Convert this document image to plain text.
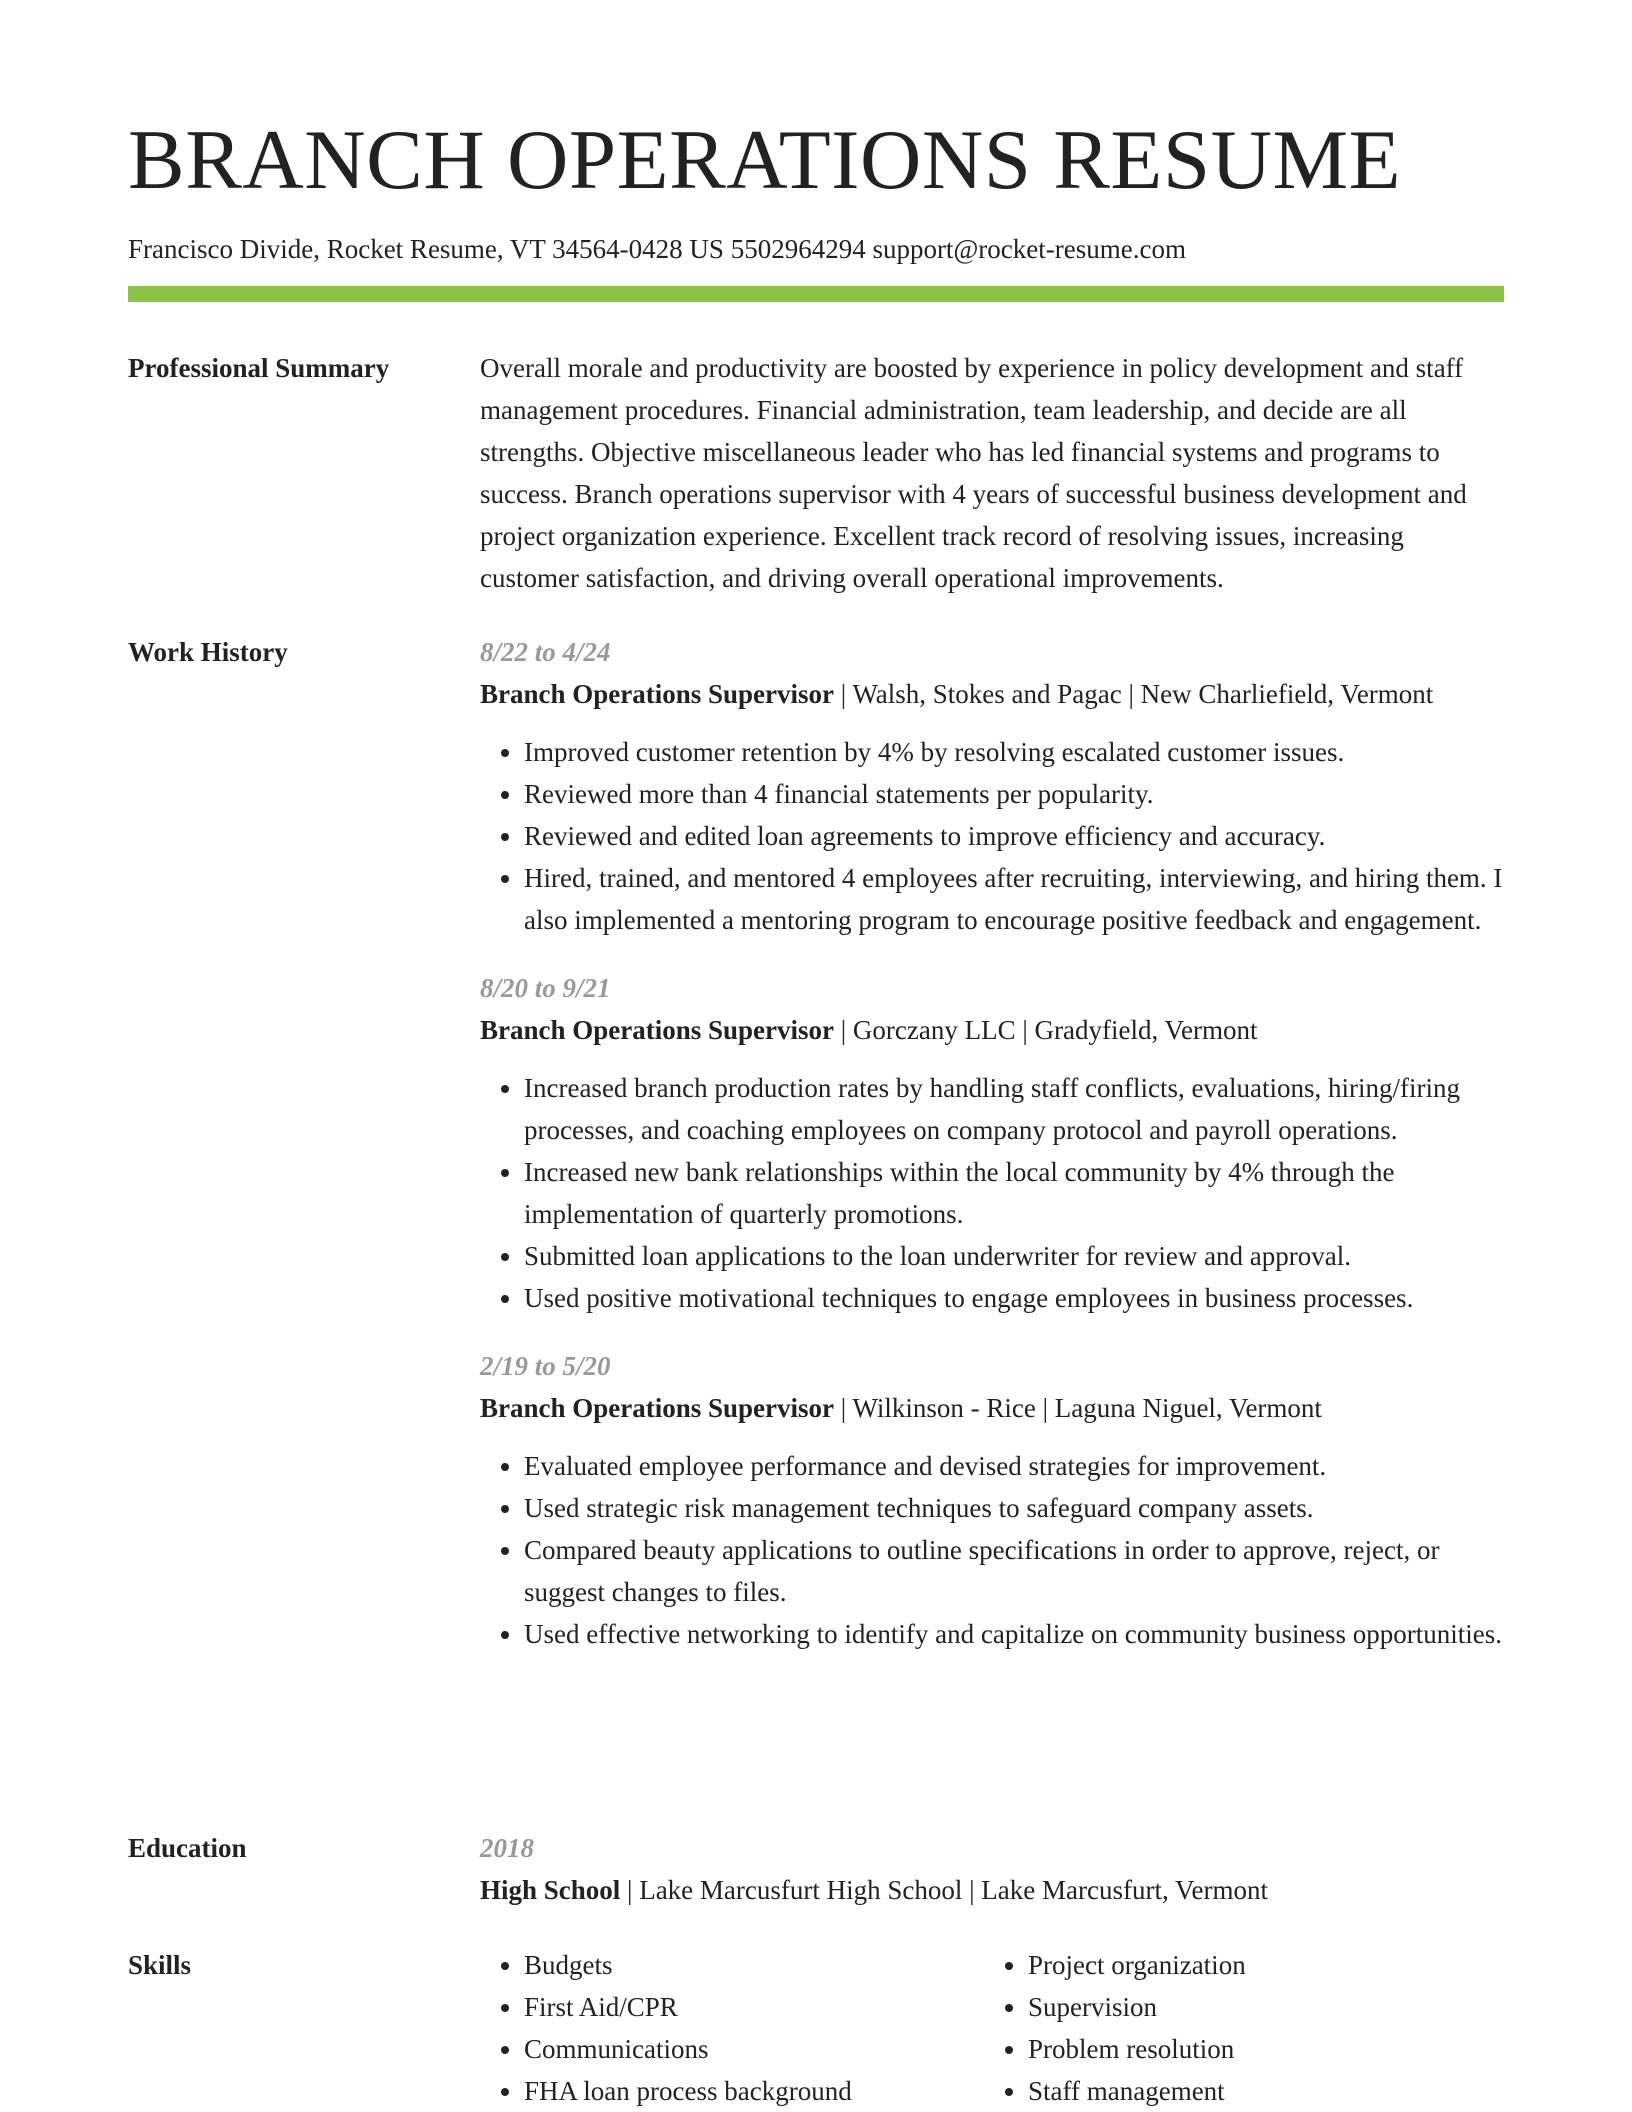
BRANCH OPERATIONS RESUME
Francisco Divide, Rocket Resume, VT 34564-0428 US 5502964294 support@rocket-resume.com
Professional Summary	Overall morale and productivity are boosted by experience in policy development and staff management procedures. Financial administration, team leadership, and decide are all strengths. Objective miscellaneous leader who has led financial systems and programs to success. Branch operations supervisor with 4 years of successful business development and project organization experience. Excellent track record of resolving issues, increasing customer satisfaction, and driving overall operational improvements.

Work History	8/22 to 4/24
Branch Operations Supervisor | Walsh, Stokes and Pagac | New Charliefield, Vermont
• Improved customer retention by 4% by resolving escalated customer issues.
• Reviewed more than 4 financial statements per popularity.
• Reviewed and edited loan agreements to improve efficiency and accuracy.
• Hired, trained, and mentored 4 employees after recruiting, interviewing, and hiring them. I also implemented a mentoring program to encourage positive feedback and engagement.
8/20 to 9/21
Branch Operations Supervisor | Gorczany LLC | Gradyfield, Vermont
• Increased branch production rates by handling staff conflicts, evaluations, hiring/firing processes, and coaching employees on company protocol and payroll operations.
• Increased new bank relationships within the local community by 4% through the implementation of quarterly promotions.
• Submitted loan applications to the loan underwriter for review and approval.
• Used positive motivational techniques to engage employees in business processes.
2/19 to 5/20
Branch Operations Supervisor | Wilkinson - Rice | Laguna Niguel, Vermont
• Evaluated employee performance and devised strategies for improvement.
• Used strategic risk management techniques to safeguard company assets.
• Compared beauty applications to outline specifications in order to approve, reject, or suggest changes to files.
• Used effective networking to identify and capitalize on community business opportunities.
Education	2018
High School | Lake Marcusfurt High School | Lake Marcusfurt, Vermont
Skills
•	Budgets
• First Aid/CPR
• Communications
• FHA loan process background
• Project organization
• Supervision
• Problem resolution
• Staff management
